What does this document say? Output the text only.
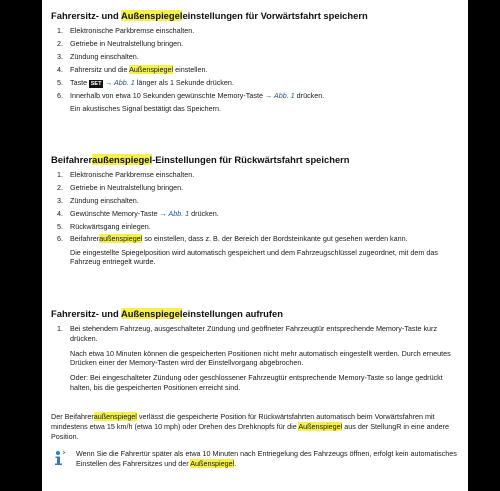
Fahrersitz- und Außenspiegeleinstellungen für Vorwärtsfahrt speichern
1. Elektronische Parkbremse einschalten.
2. Getriebe in Neutralstellung bringen.
3. Zündung einschalten.
4. Fahrersitz und die Außenspiegel einstellen.
5. Taste SET → Abb. 1 länger als 1 Sekunde drücken.
6. Innerhalb von etwa 10 Sekunden gewünschte Memory-Taste → Abb. 1 drücken.

Ein akustisches Signal bestätigt das Speichern.

Beifahreraußenspiegel-Einstellungen für Rückwärtsfahrt speichern
1. Elektronische Parkbremse einschalten.
2. Getriebe in Neutralstellung bringen.
3. Zündung einschalten.
4. Gewünschte Memory-Taste → Abb. 1 drücken.
5. Rückwärtsgang einlegen.
6. Beifahreraußenspiegel so einstellen, dass z. B. der Bereich der Bordsteinkante gut gesehen werden kann.

Die eingestellte Spiegelposition wird automatisch gespeichert und dem Fahrzeugschlüssel zugeordnet, mit dem das Fahrzeug entriegelt wurde.

Fahrersitz- und Außenspiegeleinstellungen aufrufen
1. Bei stehendem Fahrzeug, ausgeschalteter Zündung und geöffneter Fahrzeugtür entsprechende Memory-Taste kurz drücken.

Nach etwa 10 Minuten können die gespeicherten Positionen nicht mehr automatisch eingestellt werden. Durch erneutes Drücken einer der Memory-Tasten wird der Einstellvorgang abgebrochen.

Oder: Bei eingeschalteter Zündung oder geschlossener Fahrzeugtür entsprechende Memory-Taste so lange gedrückt halten, bis die gespeicherten Positionen erreicht sind.

Der Beifahreraußenspiegel verlässt die gespeicherte Position für Rückwärtsfahrten automatisch beim Vorwärtsfahren mit mindestens etwa 15 km/h (etwa 10 mph) oder Drehen des Drehknopfs für die Außenspiegel aus der StellungR in eine andere Position.

Wenn Sie die Fahrertür später als etwa 10 Minuten nach Entriegelung des Fahrzeugs öffnen, erfolgt kein automatisches Einstellen des Fahrersitzes und der Außenspiegel.
